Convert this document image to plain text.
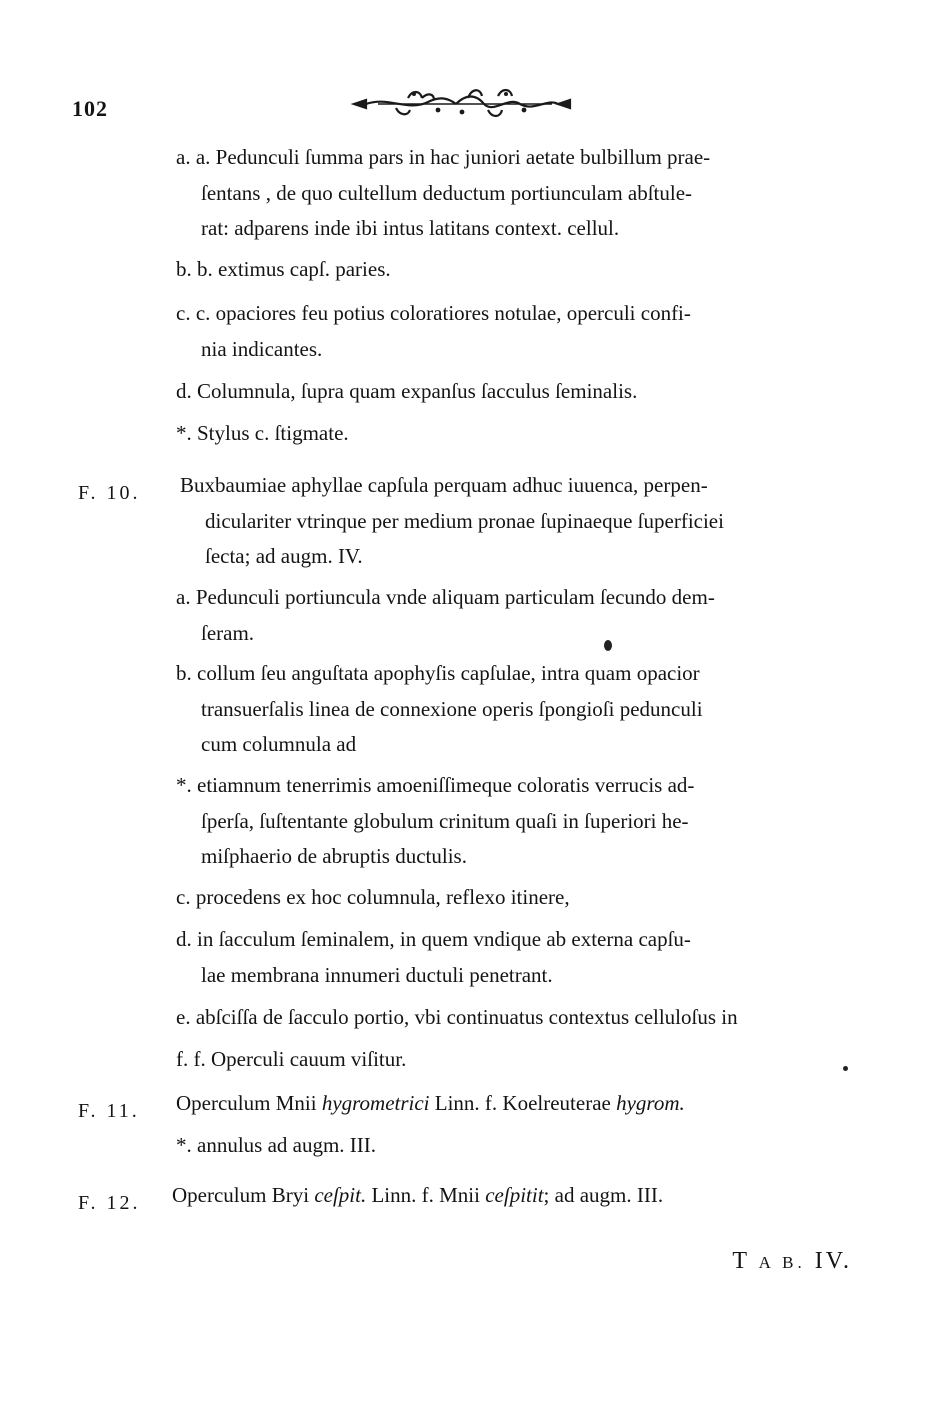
102
a. a. Pedunculi ſumma pars in hac juniori aetate bulbillum prae-
ſentans , de quo cultellum deductum portiunculam abſtule-
rat: adparens inde ibi intus latitans context. cellul.
b. b. extimus capſ. paries.
c. c. opaciores feu potius coloratiores notulae, operculi confi-
nia indicantes.
d. Columnula, ſupra quam expanſus ſacculus ſeminalis.
*. Stylus c. ſtigmate.
F. 10. Buxbaumiae aphyllae capſula perquam adhuc iuuenca, perpen-
diculariter vtrinque per medium pronae ſupinaeque ſuperficiei
ſecta; ad augm. IV.
a. Pedunculi portiuncula vnde aliquam particulam ſecundo dem-
ſeram.
b. collum ſeu anguſtata apophyſis capſulae, intra quam opacior
transuerſalis linea de connexione operis ſpongioſi pedunculi
cum columnula ad
*. etiamnum tenerrimis amoeniſſimeque coloratis verrucis ad-
ſperſa, ſuſtentante globulum crinitum quaſi in ſuperiori he-
miſphaerio de abruptis ductulis.
c. procedens ex hoc columnula, reflexo itinere,
d. in ſacculum ſeminalem, in quem vndique ab externa capſu-
lae membrana innumeri ductuli penetrant.
e. abſciſſa de ſacculo portio, vbi continuatus contextus celluloſus in
f. f. Operculi cauum viſitur.
F. 11. Operculum Mnii hygrometrici Linn. f. Koelreuterae hygrom.
*. annulus ad augm. III.
F. 12. Operculum Bryi ceſpit. Linn. f. Mnii ceſpitit; ad augm. III.
T A B. IV.
